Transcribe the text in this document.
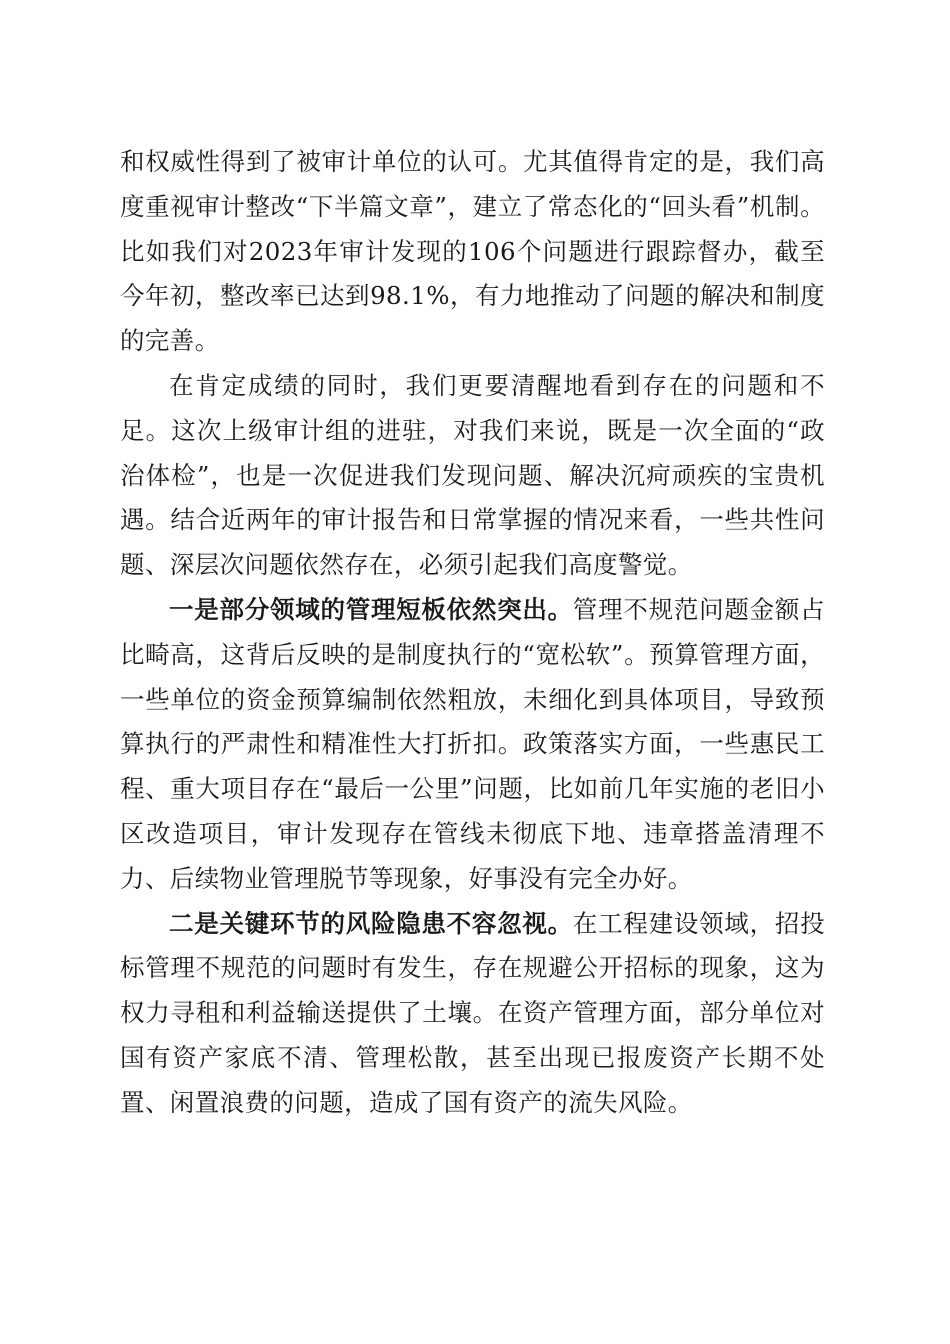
和权威性得到了被审计单位的认可。尤其值得肯定的是，我们高度重视审计整改“下半篇文章”，建立了常态化的“回头看”机制。比如我们对2023年审计发现的106个问题进行跟踪督办，截至今年初，整改率已达到98.1%，有力地推动了问题的解决和制度的完善。

在肯定成绩的同时，我们更要清醒地看到存在的问题和不足。这次上级审计组的进驻，对我们来说，既是一次全面的“政治体检”，也是一次促进我们发现问题、解决沉疴顽疾的宝贵机遇。结合近两年的审计报告和日常掌握的情况来看，一些共性问题、深层次问题依然存在，必须引起我们高度警觉。

一是部分领域的管理短板依然突出。管理不规范问题金额占比畸高，这背后反映的是制度执行的“宽松软”。预算管理方面，一些单位的资金预算编制依然粗放，未细化到具体项目，导致预算执行的严肃性和精准性大打折扣。政策落实方面，一些惠民工程、重大项目存在“最后一公里”问题，比如前几年实施的老旧小区改造项目，审计发现存在管线未彻底下地、违章搭盖清理不力、后续物业管理脱节等现象，好事没有完全办好。

二是关键环节的风险隐患不容忽视。在工程建设领域，招投标管理不规范的问题时有发生，存在规避公开招标的现象，这为权力寻租和利益输送提供了土壤。在资产管理方面，部分单位对国有资产家底不清、管理松散，甚至出现已报废资产长期不处置、闲置浪费的问题，造成了国有资产的流失风险。
